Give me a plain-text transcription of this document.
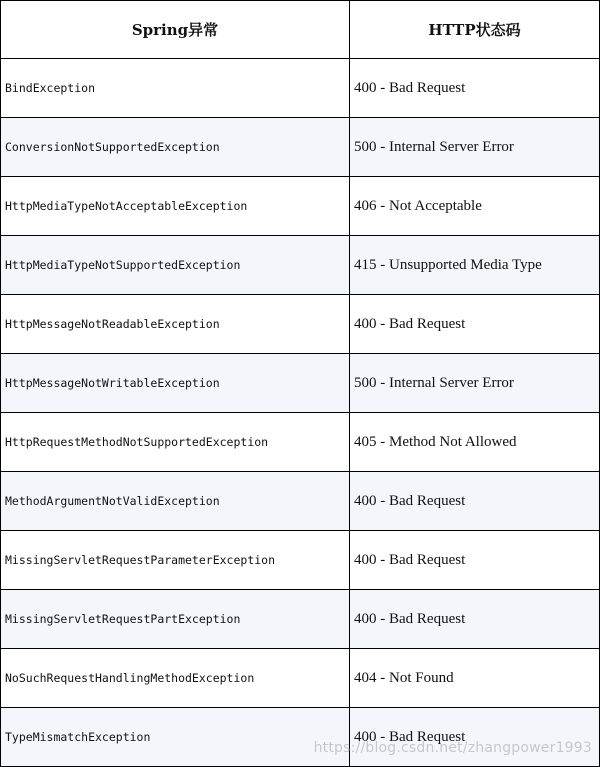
Spring异常	HTTP状态码
BindException	400 - Bad Request
ConversionNotSupportedException	500 - Internal Server Error
HttpMediaTypeNotAcceptableException	406 - Not Acceptable
HttpMediaTypeNotSupportedException	415 - Unsupported Media Type
HttpMessageNotReadableException	400 - Bad Request
HttpMessageNotWritableException	500 - Internal Server Error
HttpRequestMethodNotSupportedException	405 - Method Not Allowed
MethodArgumentNotValidException	400 - Bad Request
MissingServletRequestParameterException	400 - Bad Request
MissingServletRequestPartException	400 - Bad Request
NoSuchRequestHandlingMethodException	404 - Not Found
TypeMismatchException	400 - Bad Request
https://blog.csdn.net/zhangpower1993
